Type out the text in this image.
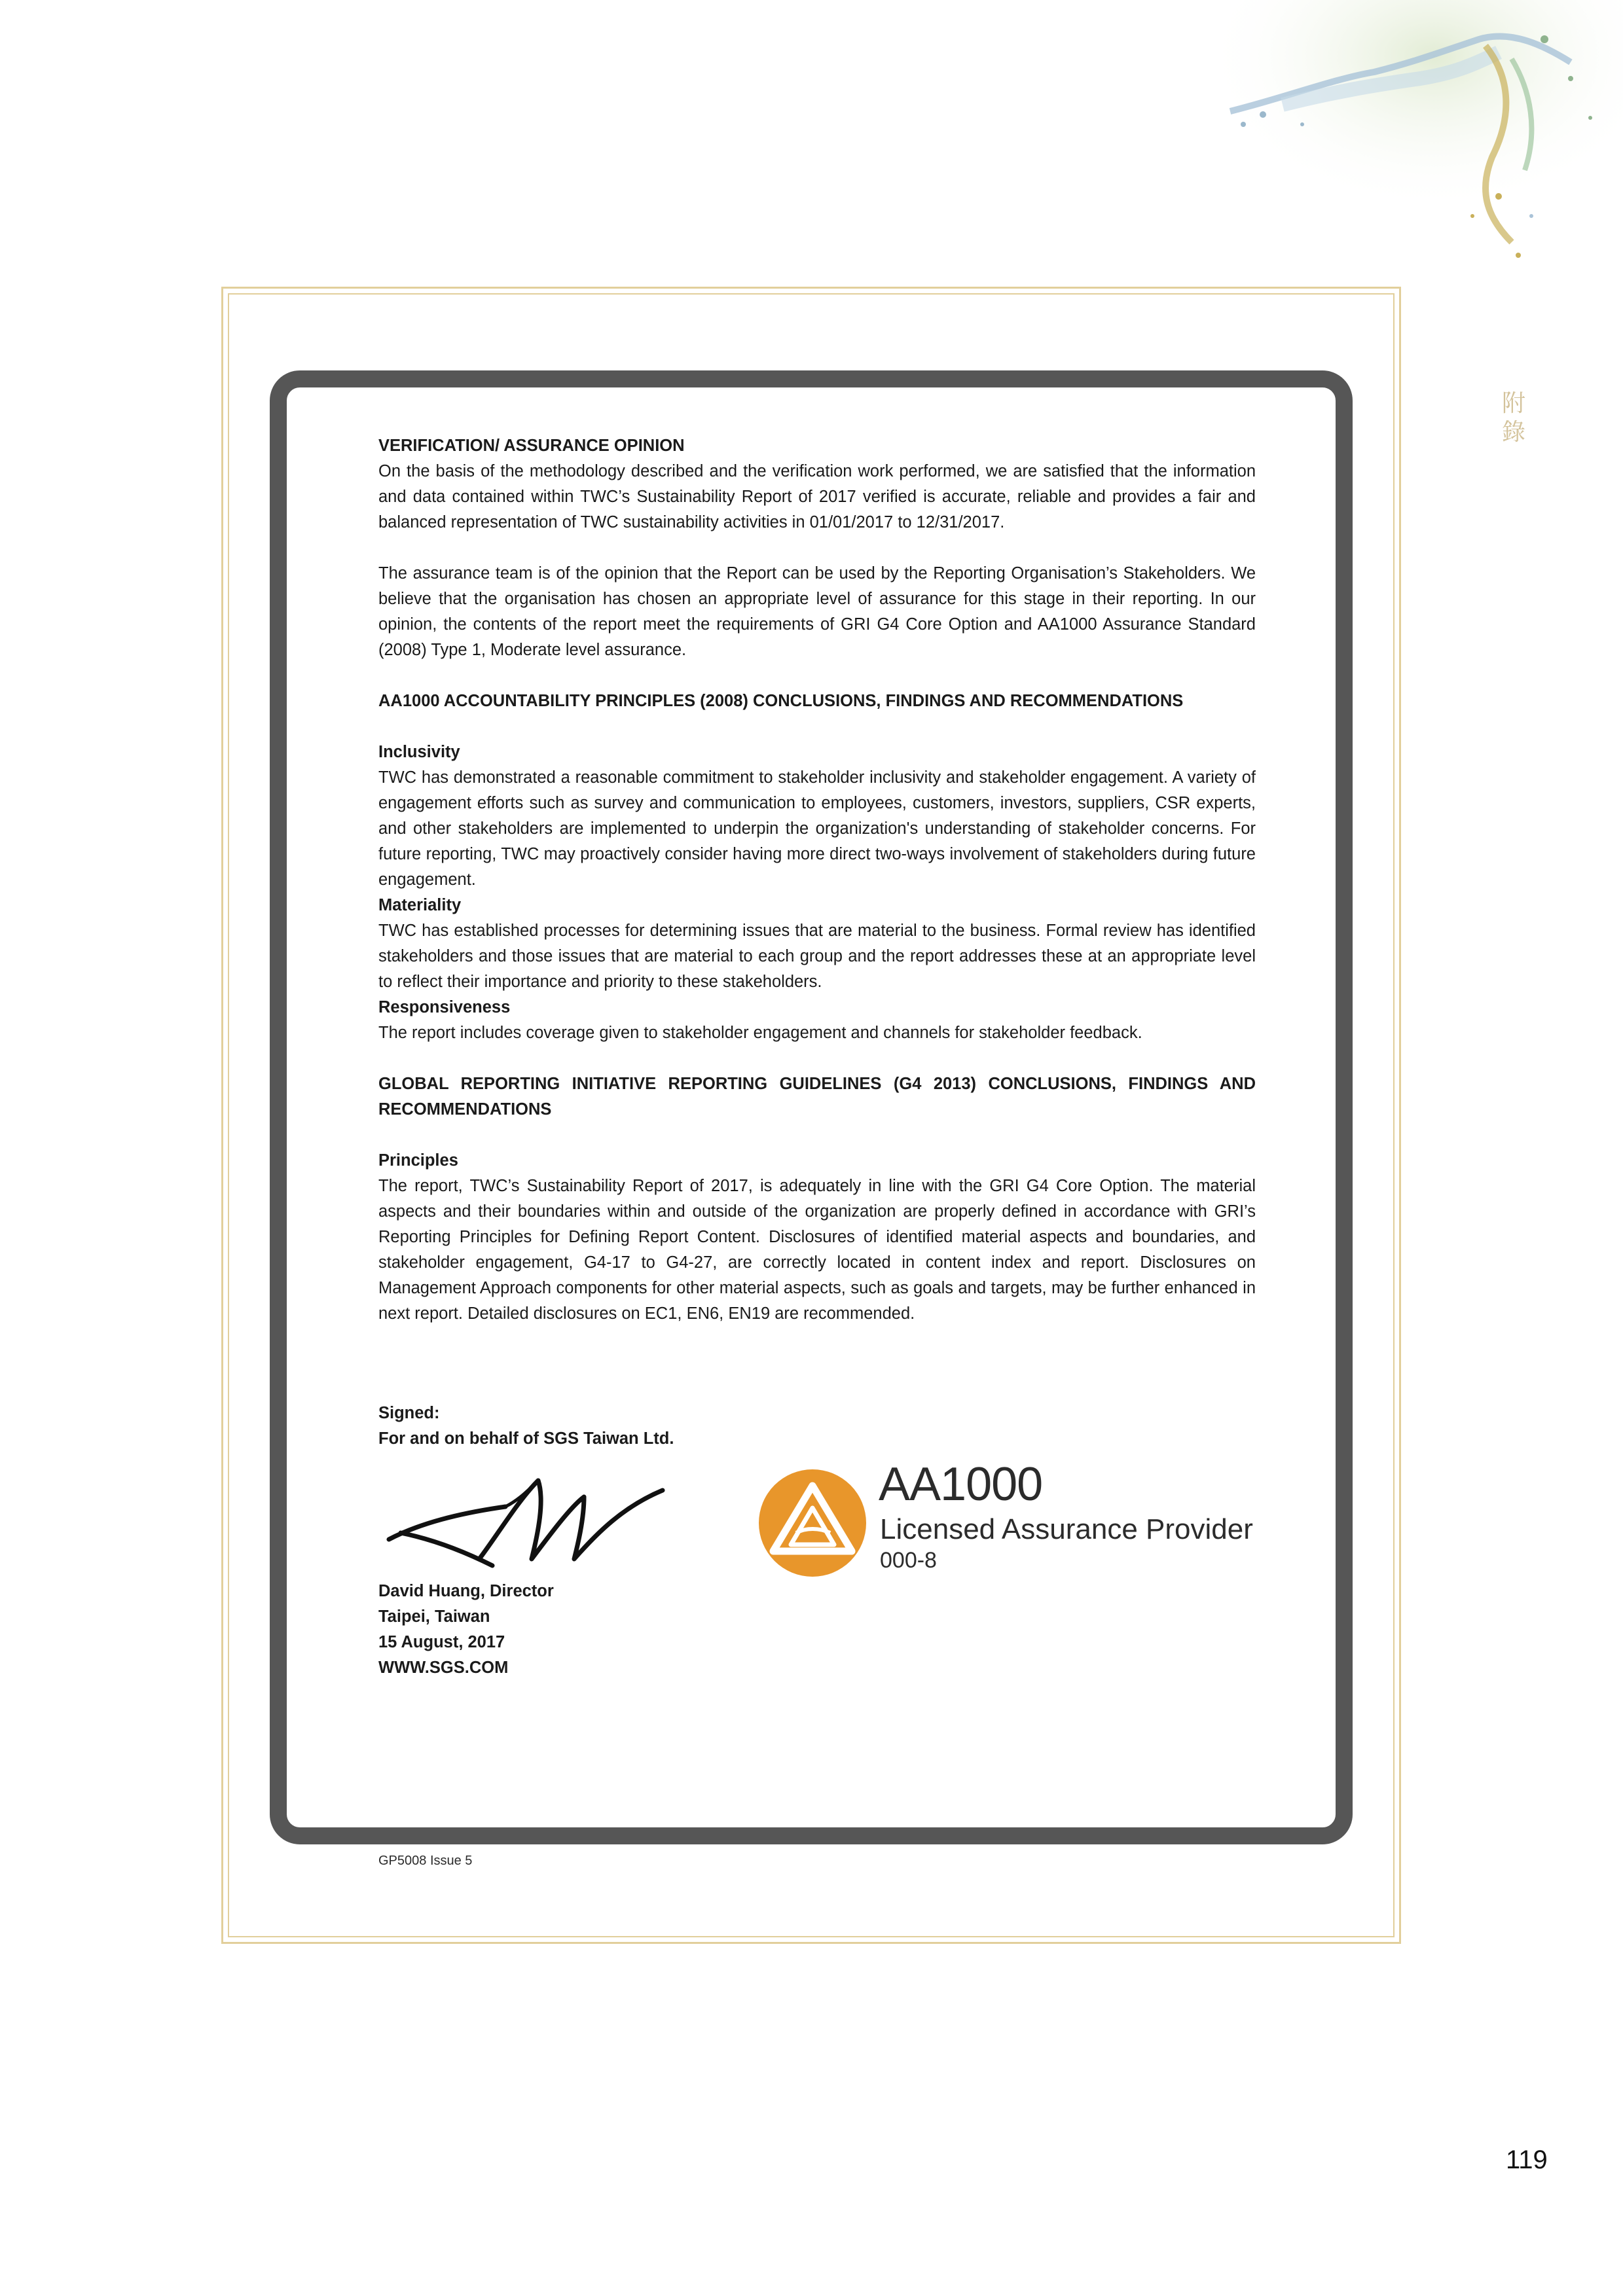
附錄

VERIFICATION/ ASSURANCE OPINION

On the basis of the methodology described and the verification work performed, we are satisfied that the information and data contained within TWC’s Sustainability Report of 2017 verified is accurate, reliable and provides a fair and balanced representation of TWC sustainability activities in 01/01/2017 to 12/31/2017.

The assurance team is of the opinion that the Report can be used by the Reporting Organisation’s Stakeholders. We believe that the organisation has chosen an appropriate level of assurance for this stage in their reporting. In our opinion, the contents of the report meet the requirements of GRI G4 Core Option and AA1000 Assurance Standard (2008) Type 1, Moderate level assurance.

AA1000 ACCOUNTABILITY PRINCIPLES (2008) CONCLUSIONS, FINDINGS AND RECOMMENDATIONS

Inclusivity

TWC has demonstrated a reasonable commitment to stakeholder inclusivity and stakeholder engagement. A variety of engagement efforts such as survey and communication to employees, customers, investors, suppliers, CSR experts, and other stakeholders are implemented to underpin the organization's understanding of stakeholder concerns. For future reporting, TWC may proactively consider having more direct two-ways involvement of stakeholders during future engagement.

Materiality

TWC has established processes for determining issues that are material to the business. Formal review has identified stakeholders and those issues that are material to each group and the report addresses these at an appropriate level to reflect their importance and priority to these stakeholders.

Responsiveness

The report includes coverage given to stakeholder engagement and channels for stakeholder feedback.

GLOBAL REPORTING INITIATIVE REPORTING GUIDELINES (G4 2013) CONCLUSIONS, FINDINGS AND RECOMMENDATIONS

Principles

The report, TWC’s Sustainability Report of 2017, is adequately in line with the GRI G4 Core Option. The material aspects and their boundaries within and outside of the organization are properly defined in accordance with GRI’s Reporting Principles for Defining Report Content. Disclosures of identified material aspects and boundaries, and stakeholder engagement, G4-17 to G4-27, are correctly located in content index and report. Disclosures on Management Approach components for other material aspects, such as goals and targets, may be further enhanced in next report. Detailed disclosures on EC1, EN6, EN19 are recommended.

Signed:
For and on behalf of SGS Taiwan Ltd.
David Huang, Director
Taipei, Taiwan
15 August, 2017
WWW.SGS.COM
AA1000
Licensed Assurance Provider
000-8
GP5008 Issue 5
119
